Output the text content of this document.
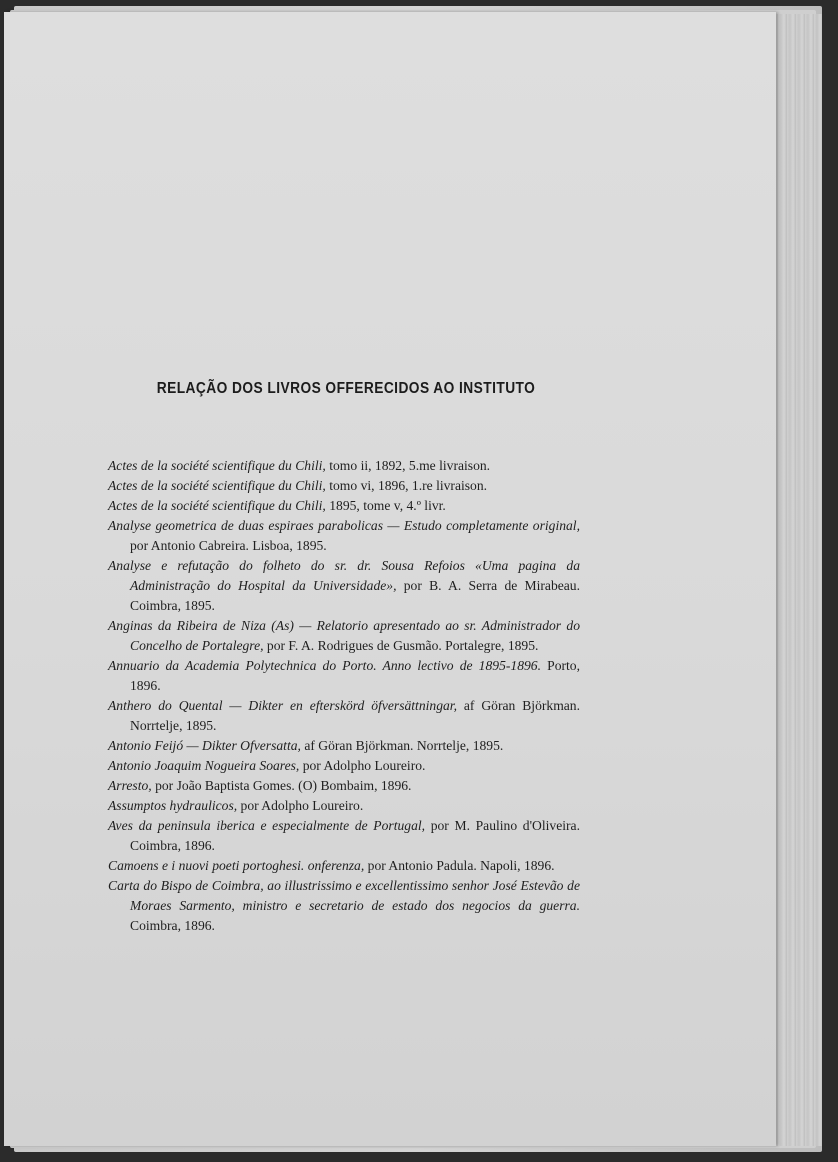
RELAÇÃO DOS LIVROS OFFERECIDOS AO INSTITUTO
Actes de la société scientifique du Chili, tomo ii, 1892, 5.me livraison.
Actes de la société scientifique du Chili, tomo vi, 1896, 1.re livraison.
Actes de la société scientifique du Chili, 1895, tome v, 4.º livr.
Analyse geometrica de duas espiraes parabolicas — Estudo completamente original, por Antonio Cabreira. Lisboa, 1895.
Analyse e refutação do folheto do sr. dr. Sousa Refoios «Uma pagina da Administração do Hospital da Universidade», por B. A. Serra de Mirabeau. Coimbra, 1895.
Anginas da Ribeira de Niza (As) — Relatorio apresentado ao sr. Administrador do Concelho de Portalegre, por F. A. Rodrigues de Gusmão. Portalegre, 1895.
Annuario da Academia Polytechnica do Porto. Anno lectivo de 1895-1896. Porto, 1896.
Anthero do Quental — Dikter en efterskörd öfversättningar, af Göran Björkman. Norrtelje, 1895.
Antonio Feijó — Dikter Ofversatta, af Göran Björkman. Norrtelje, 1895.
Antonio Joaquim Nogueira Soares, por Adolpho Loureiro.
Arresto, por João Baptista Gomes. (O) Bombaim, 1896.
Assumptos hydraulicos, por Adolpho Loureiro.
Aves da peninsula iberica e especialmente de Portugal, por M. Paulino d'Oliveira. Coimbra, 1896.
Camoens e i nuovi poeti portoghesi. onferenza, por Antonio Padula. Napoli, 1896.
Carta do Bispo de Coimbra, ao illustrissimo e excellentissimo senhor José Estevão de Moraes Sarmento, ministro e secretario de estado dos negocios da guerra. Coimbra, 1896.
